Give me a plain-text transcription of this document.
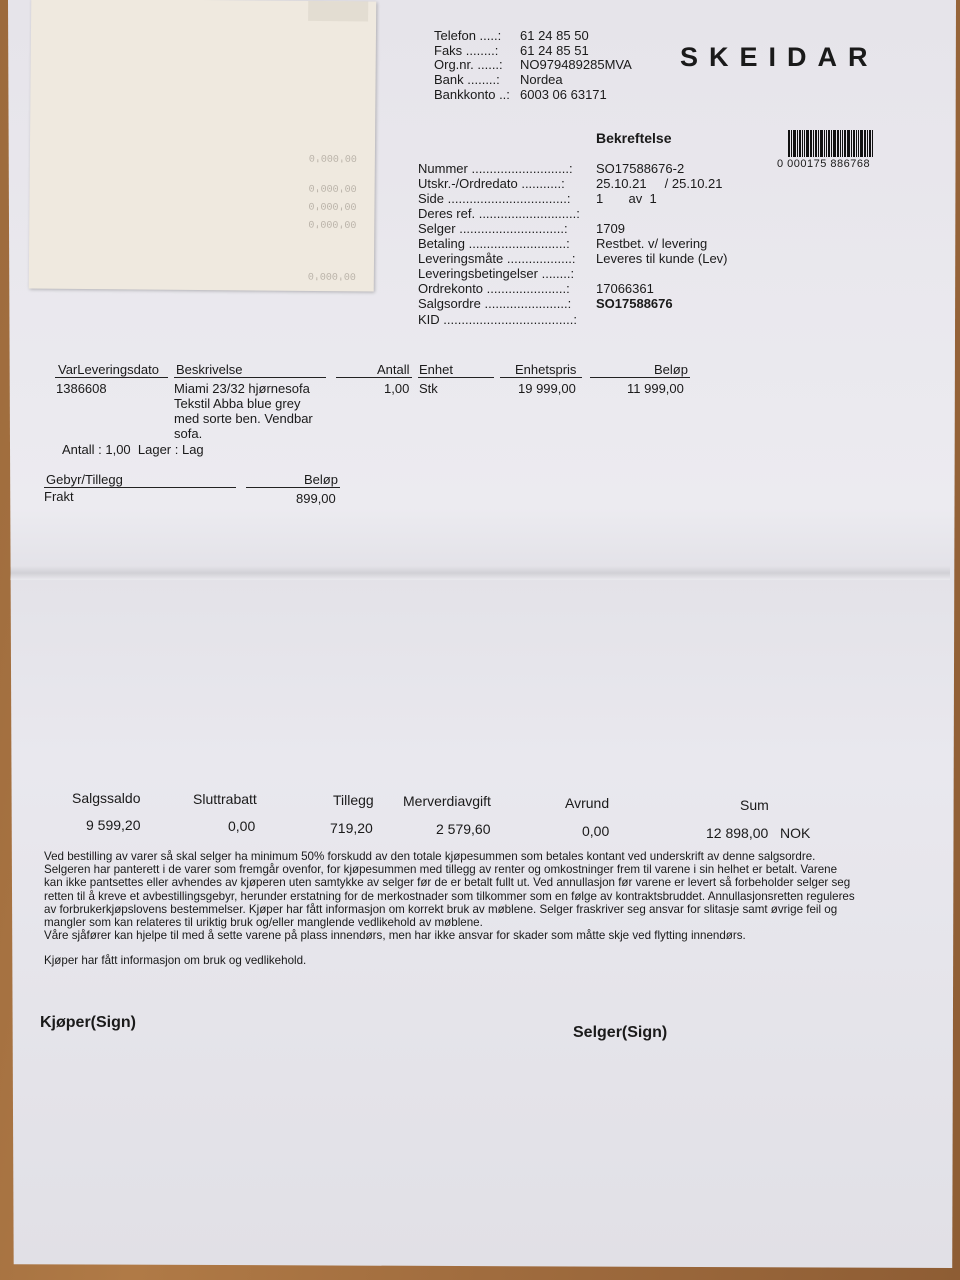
00'000'0
00'000'0
00'000'0
00'000'0
00'000'0
Telefon .....: 61 24 85 50
Faks ........: 61 24 85 51
Org.nr. ......: NO979489285MVA
Bank ........: Nordea
Bankkonto ..: 6003 06 63171
SKEIDAR
0 000175 886768
Bekreftelse
Nummer ...........................: SO17588676-2
Utskr.-/Ordredato ...........: 25.10.21     / 25.10.21
Side .................................: 1       av  1
Deres ref. ...........................:
Selger .............................: 1709
Betaling ...........................: Restbet. v/ levering
Leveringsmåte ..................: Leveres til kunde (Lev)
Leveringsbetingelser ........:
Ordrekonto ......................: 17066361
Salgsordre .......................: SO17588676
KID ....................................:
VarLeveringsdato Beskrivelse	Antall Enhet	Enhetspris	Beløp
1386608	Miami 23/32 hjørnesofa
Tekstil Abba blue grey
med sorte ben. Vendbar
sofa.
1,00 Stk	19 999,00	11 999,00
Antall : 1,00  Lager : Lag
Gebyr/Tillegg	Beløp
Frakt	899,00
Salgssaldo	Sluttrabatt	Tillegg Merverdiavgift	Avrund	Sum
9 599,20	0,00	719,20	2 579,60	0,00	12 898,00 NOK

Ved bestilling av varer så skal selger ha minimum 50% forskudd av den totale kjøpesummen som betales kontant ved underskrift av denne salgsordre.

Selgeren har panterett i de varer som fremgår ovenfor, for kjøpesummen med tillegg av renter og omkostninger frem til varene i sin helhet er betalt. Varene

kan ikke pantsettes eller avhendes av kjøperen uten samtykke av selger før de er betalt fullt ut. Ved annullasjon før varene er levert så forbeholder selger seg

retten til å kreve et avbestillingsgebyr, herunder erstatning for de merkostnader som tilkommer som en følge av kontraktsbruddet. Annullasjonsretten reguleres

av forbrukerkjøpslovens bestemmelser. Kjøper har fått informasjon om korrekt bruk av møblene. Selger fraskriver seg ansvar for slitasje samt øvrige feil og

mangler som kan relateres til uriktig bruk og/eller manglende vedlikehold av møblene.

Våre sjåfører kan hjelpe til med å sette varene på plass innendørs, men har ikke ansvar for skader som måtte skje ved flytting innendørs.

Kjøper har fått informasjon om bruk og vedlikehold.

Kjøper(Sign)
Selger(Sign)
